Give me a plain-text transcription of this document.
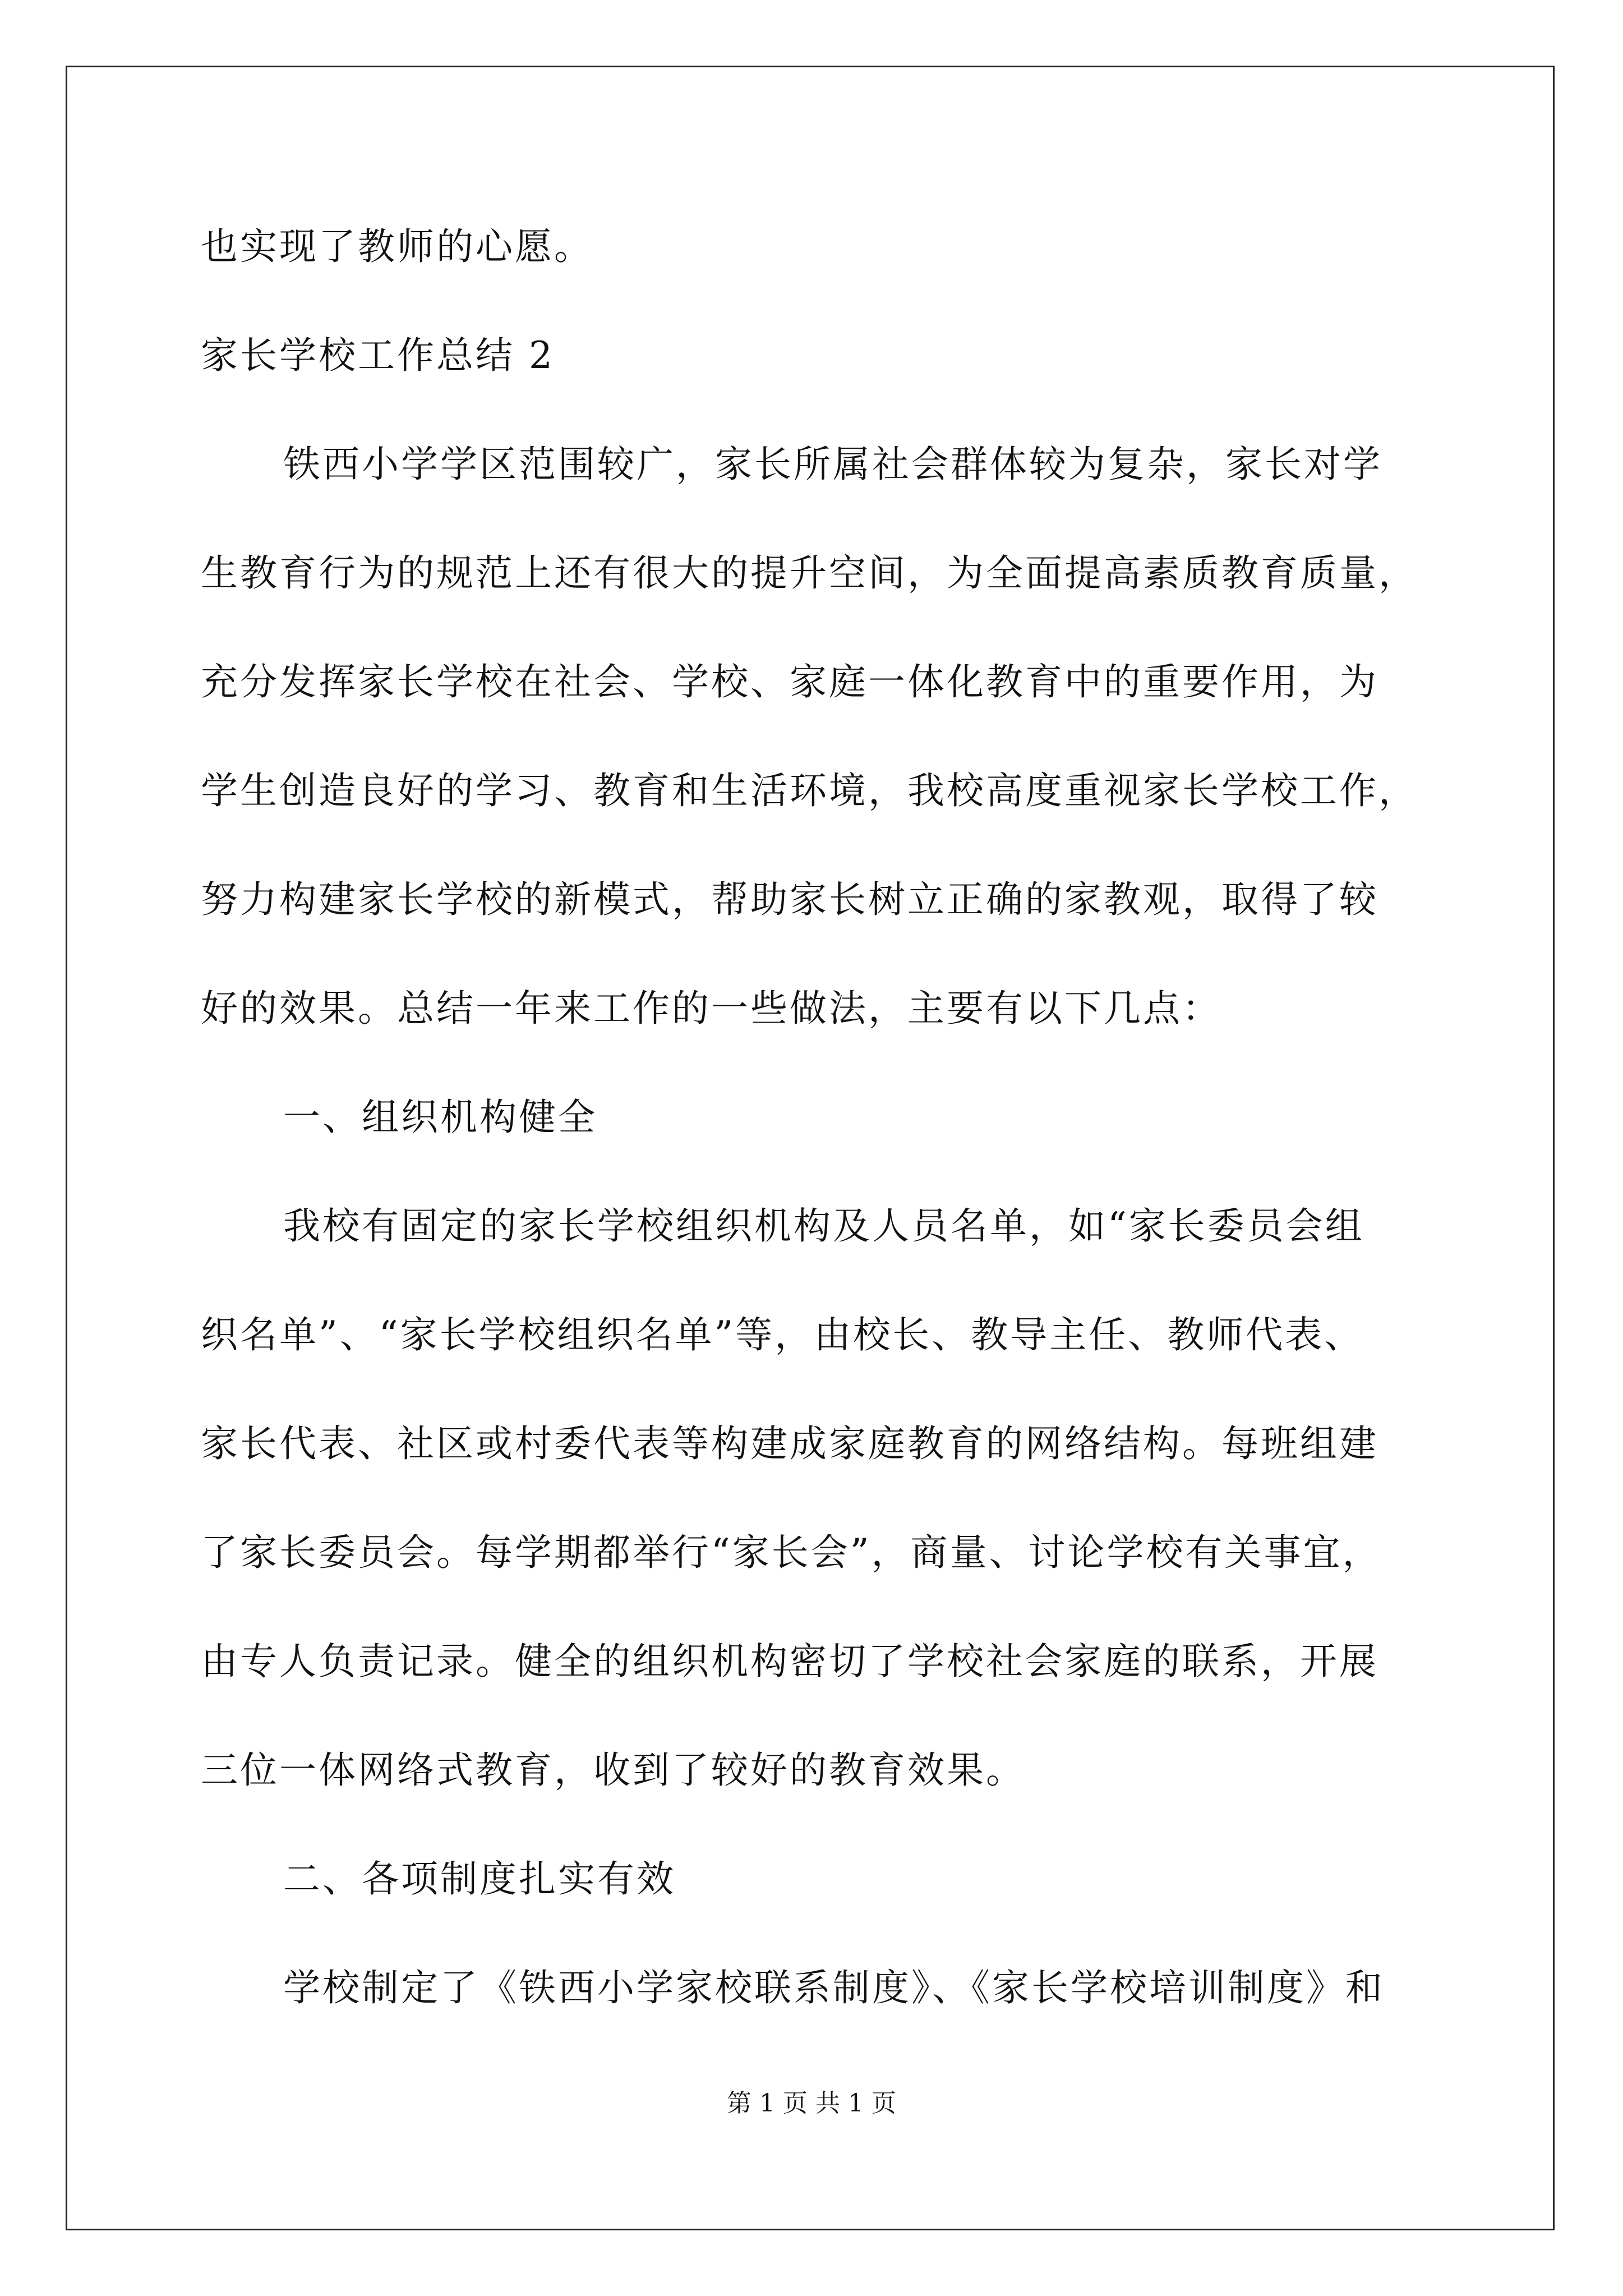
也实现了教师的心愿。
家长学校工作总结 2
铁西小学学区范围较广，家长所属社会群体较为复杂，家长对学
生教育行为的规范上还有很大的提升空间，为全面提高素质教育质量，
充分发挥家长学校在社会、学校、家庭一体化教育中的重要作用，为
学生创造良好的学习、教育和生活环境，我校高度重视家长学校工作，
努力构建家长学校的新模式，帮助家长树立正确的家教观，取得了较
好的效果。总结一年来工作的一些做法，主要有以下几点：
一、组织机构健全
我校有固定的家长学校组织机构及人员名单，如“家长委员会组
织名单”、“家长学校组织名单”等，由校长、教导主任、教师代表、
家长代表、社区或村委代表等构建成家庭教育的网络结构。每班组建
了家长委员会。每学期都举行“家长会”，商量、讨论学校有关事宜，
由专人负责记录。健全的组织机构密切了学校社会家庭的联系，开展
三位一体网络式教育，收到了较好的教育效果。
二、各项制度扎实有效
学校制定了《铁西小学家校联系制度》、《家长学校培训制度》和
第 1 页 共 1 页
